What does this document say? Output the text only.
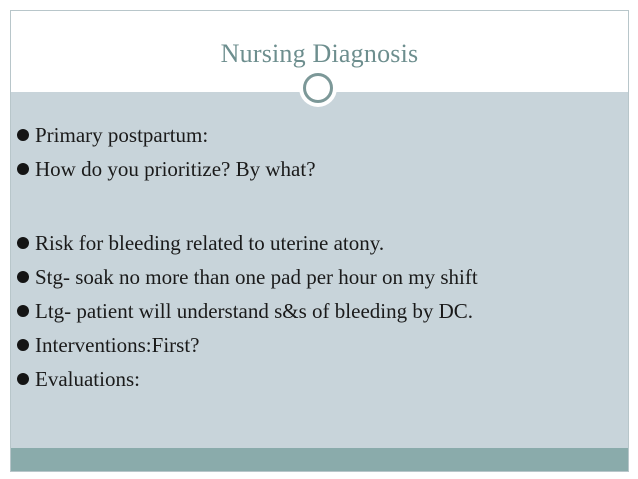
Nursing Diagnosis
Primary postpartum:
How do you prioritize? By what?
Risk for bleeding related to uterine atony.
Stg- soak no more than one pad per hour on my shift
Ltg- patient will understand s&s of bleeding by DC.
Interventions:First?
Evaluations:
